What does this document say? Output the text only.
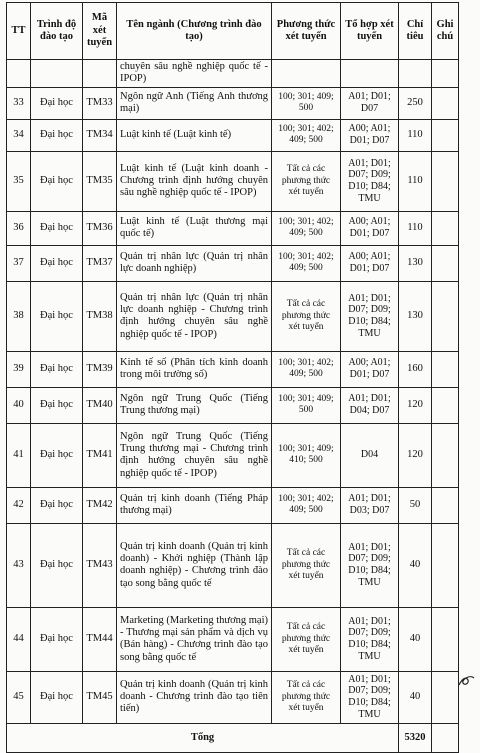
TT	Trình độ đào tạo	Mã xét tuyển	Tên ngành (Chương trình đào tạo)	Phương thức xét tuyển	Tổ hợp xét tuyển	Chỉ tiêu	Ghi chú
			chuyên sâu nghề nghiệp quốc tế - IPOP)				
33	Đại học	TM33	Ngôn ngữ Anh (Tiếng Anh thương mại)	100; 301; 409; 500	A01; D01; D07	250	
34	Đại học	TM34	Luật kinh tế (Luật kinh tế)	100; 301; 402; 409; 500	A00; A01; D01; D07	110	
35	Đại học	TM35	Luật kinh tế (Luật kinh doanh - Chương trình định hướng chuyên sâu nghề nghiệp quốc tế - IPOP)	Tất cả các phương thức xét tuyển	A01; D01; D07; D09; D10; D84; TMU	110	
36	Đại học	TM36	Luật kinh tế (Luật thương mại quốc tế)	100; 301; 402; 409; 500	A00; A01; D01; D07	110	
37	Đại học	TM37	Quản trị nhân lực (Quản trị nhân lực doanh nghiệp)	100; 301; 402; 409; 500	A00; A01; D01; D07	130	
38	Đại học	TM38	Quản trị nhân lực (Quản trị nhân lực doanh nghiệp - Chương trình định hướng chuyên sâu nghề nghiệp quốc tế - IPOP)	Tất cả các phương thức xét tuyển	A01; D01; D07; D09; D10; D84; TMU	130	
39	Đại học	TM39	Kinh tế số (Phân tích kinh doanh trong môi trường số)	100; 301; 402; 409; 500	A00; A01; D01; D07	160	
40	Đại học	TM40	Ngôn ngữ Trung Quốc (Tiếng Trung thương mại)	100; 301; 409; 500	A01; D01; D04; D07	120	
41	Đại học	TM41	Ngôn ngữ Trung Quốc (Tiếng Trung thương mại - Chương trình định hướng chuyên sâu nghề nghiệp quốc tế - IPOP)	100; 301; 409; 410; 500	D04	120	
42	Đại học	TM42	Quản trị kinh doanh (Tiếng Pháp thương mại)	100; 301; 402; 409; 500	A01; D01; D03; D07	50	
43	Đại học	TM43	Quản trị kinh doanh (Quản trị kinh doanh) - Khởi nghiệp (Thành lập doanh nghiệp) - Chương trình đào tạo song bằng quốc tế	Tất cả các phương thức xét tuyển	A01; D01; D07; D09; D10; D84; TMU	40	
44	Đại học	TM44	Marketing (Marketing thương mại) - Thương mại sản phẩm và dịch vụ (Bán hàng) - Chương trình đào tạo song bằng quốc tế	Tất cả các phương thức xét tuyển	A01; D01; D07; D09; D10; D84; TMU	40	
45	Đại học	TM45	Quản trị kinh doanh (Quản trị kinh doanh - Chương trình đào tạo tiên tiến)	Tất cả các phương thức xét tuyển	A01; D01; D07; D09; D10; D84; TMU	40	
Tổng						5320	
